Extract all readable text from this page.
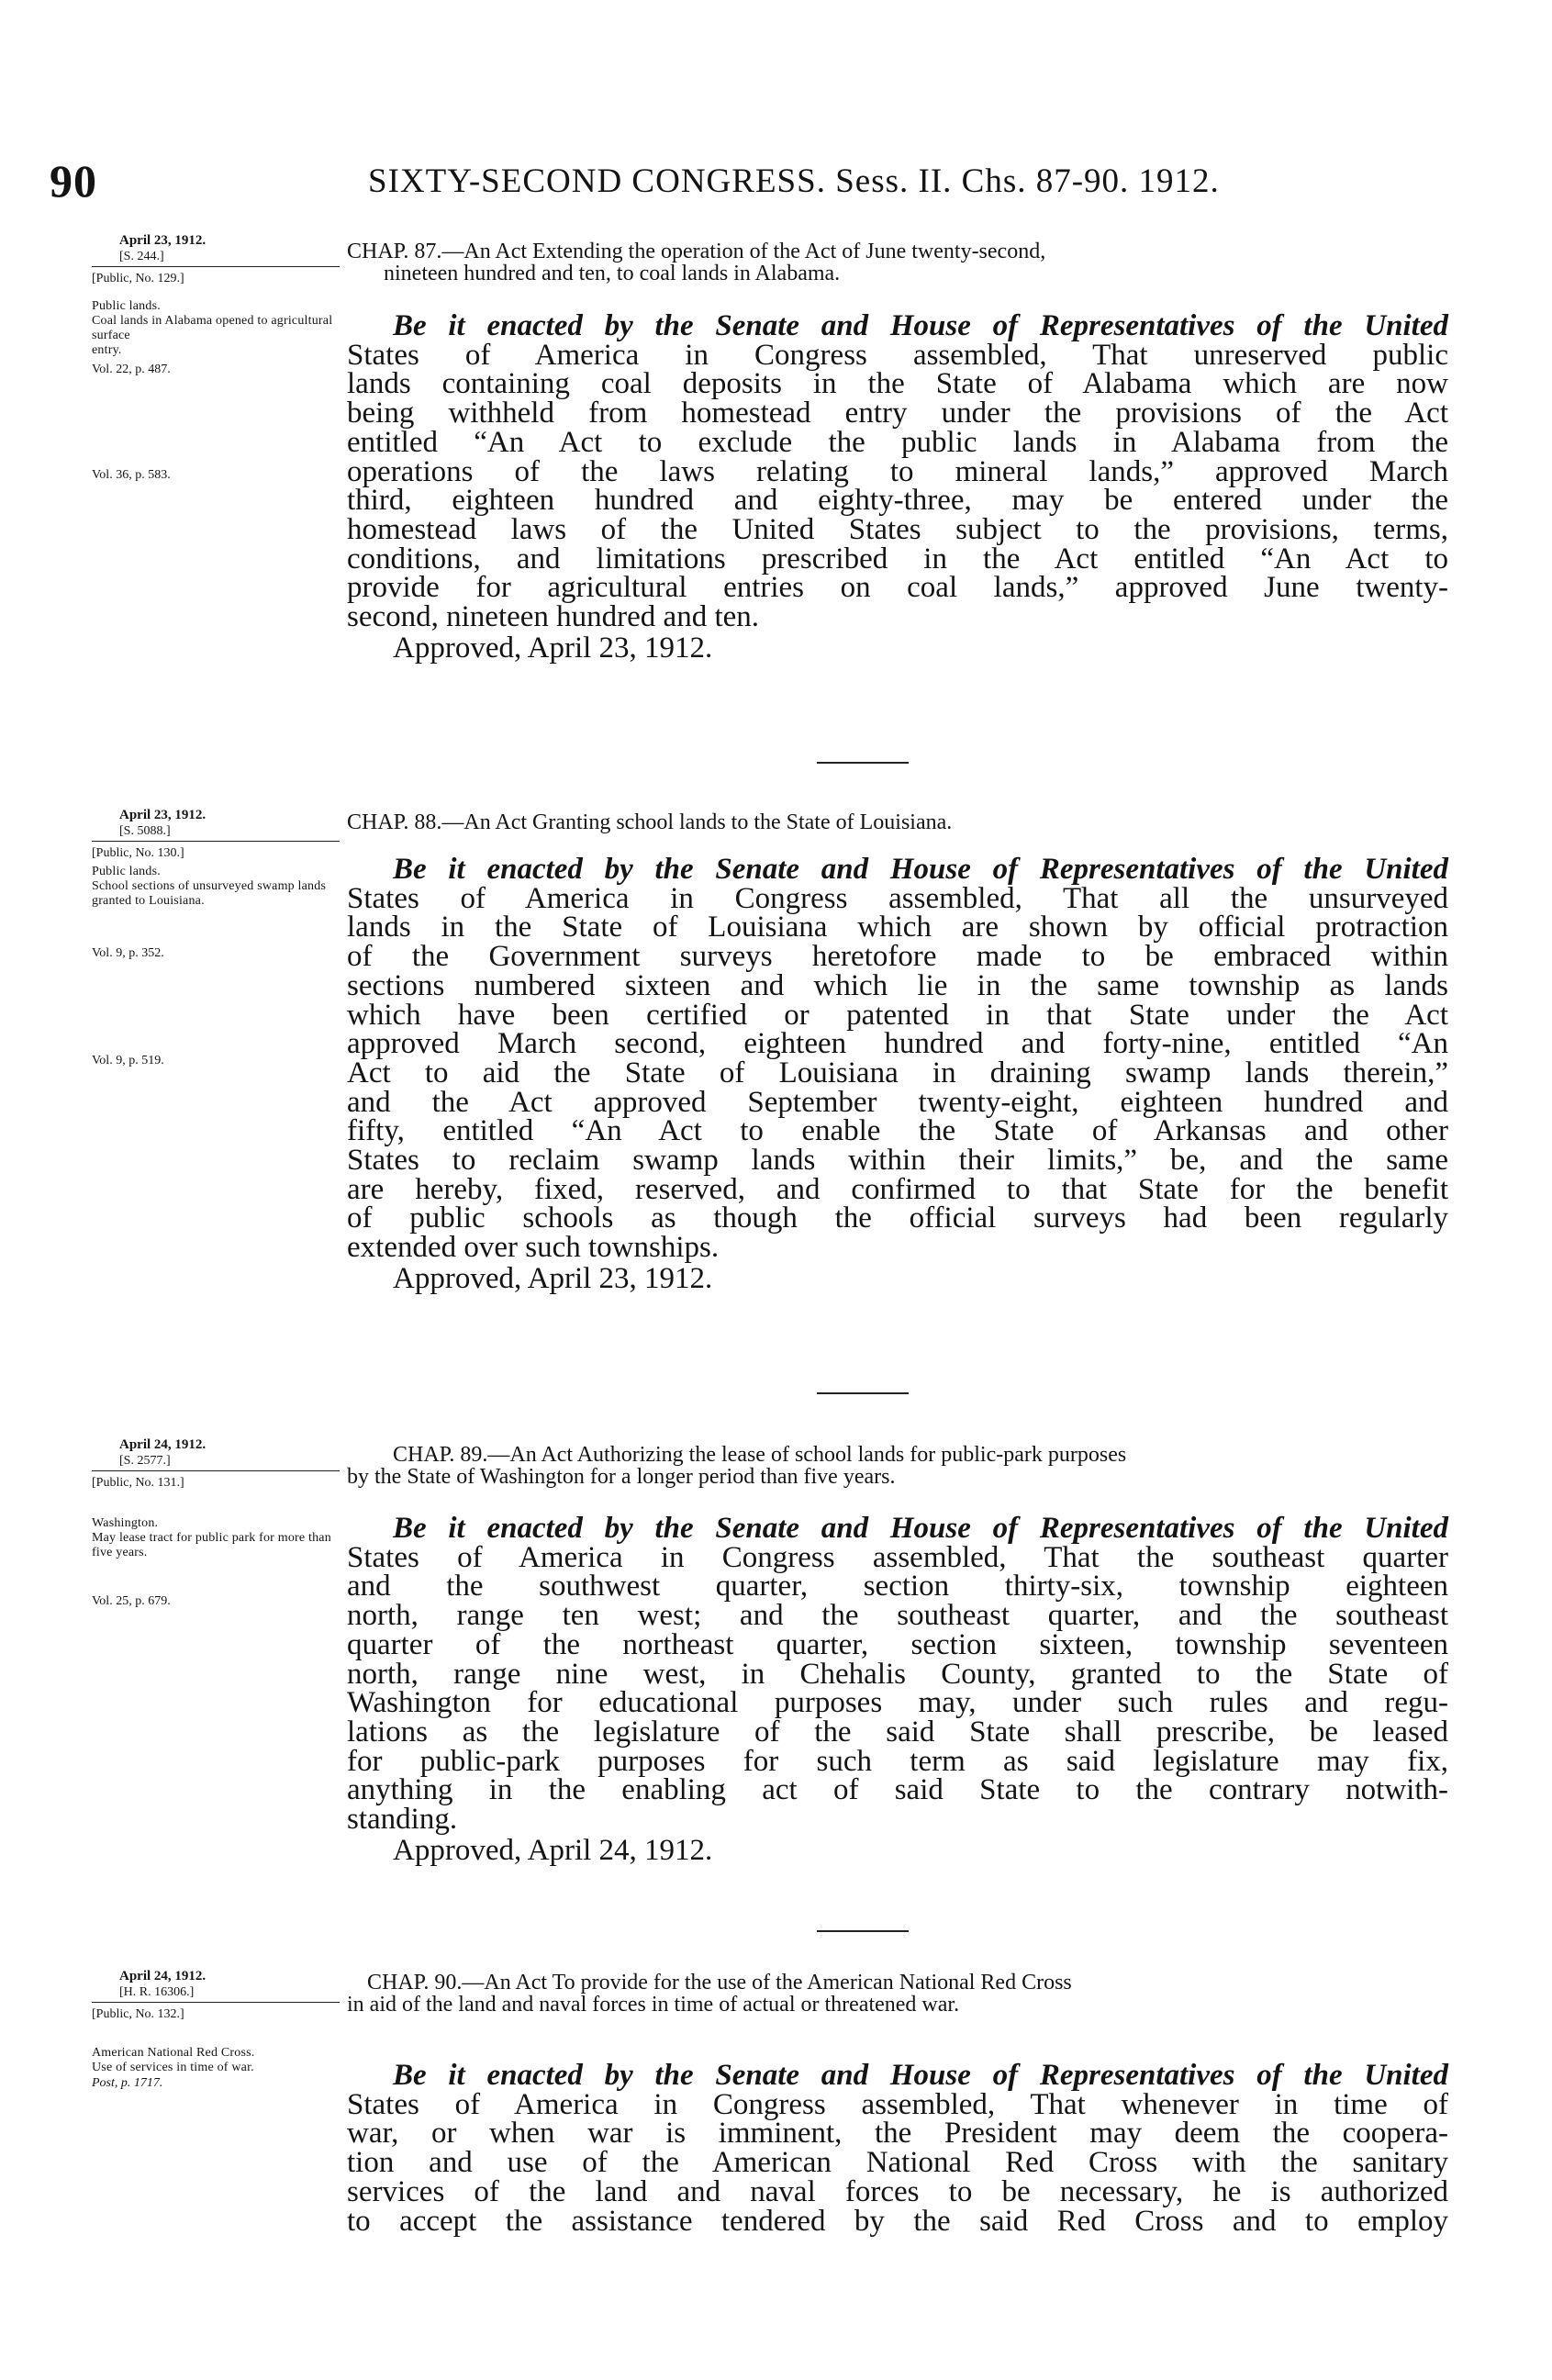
90	SIXTY-SECOND CONGRESS. Sess. II. Chs. 87-90. 1912.
April 23, 1912.
[S. 244.]
[Public, No. 129.]
Public lands.
Coal lands in Alabama opened to agricultural surface
entry.
Vol. 22, p. 487.
Vol. 36, p. 583.
CHAP. 87.—An Act Extending the operation of the Act of June twenty-second,
nineteen hundred and ten, to coal lands in Alabama.
Be it enacted by the Senate and House of Representatives of the United
States of America in Congress assembled, That unreserved public
lands containing coal deposits in the State of Alabama which are now
being withheld from homestead entry under the provisions of the Act
entitled “An Act to exclude the public lands in Alabama from the
operations of the laws relating to mineral lands,” approved March
third, eighteen hundred and eighty-three, may be entered under the
homestead laws of the United States subject to the provisions, terms,
conditions, and limitations prescribed in the Act entitled “An Act to
provide for agricultural entries on coal lands,” approved June twenty-
second, nineteen hundred and ten.
Approved, April 23, 1912.
April 23, 1912.
[S. 5088.]
[Public, No. 130.]
Public lands.
School sections of unsurveyed swamp lands granted to Louisiana.
Vol. 9, p. 352.
Vol. 9, p. 519.
CHAP. 88.—An Act Granting school lands to the State of Louisiana.
Be it enacted by the Senate and House of Representatives of the United
States of America in Congress assembled, That all the unsurveyed
lands in the State of Louisiana which are shown by official protraction
of the Government surveys heretofore made to be embraced within
sections numbered sixteen and which lie in the same township as lands
which have been certified or patented in that State under the Act
approved March second, eighteen hundred and forty-nine, entitled “An
Act to aid the State of Louisiana in draining swamp lands therein,”
and the Act approved September twenty-eight, eighteen hundred and
fifty, entitled “An Act to enable the State of Arkansas and other
States to reclaim swamp lands within their limits,” be, and the same
are hereby, fixed, reserved, and confirmed to that State for the benefit
of public schools as though the official surveys had been regularly
extended over such townships.
Approved, April 23, 1912.
April 24, 1912.
[S. 2577.]
[Public, No. 131.]
Washington.
May lease tract for public park for more than five years.
Vol. 25, p. 679.
CHAP. 89.—An Act Authorizing the lease of school lands for public-park purposes
by the State of Washington for a longer period than five years.
Be it enacted by the Senate and House of Representatives of the United
States of America in Congress assembled, That the southeast quarter
and the southwest quarter, section thirty-six, township eighteen
north, range ten west; and the southeast quarter, and the southeast
quarter of the northeast quarter, section sixteen, township seventeen
north, range nine west, in Chehalis County, granted to the State of
Washington for educational purposes may, under such rules and regu-
lations as the legislature of the said State shall prescribe, be leased
for public-park purposes for such term as said legislature may fix,
anything in the enabling act of said State to the contrary notwith-
standing.
Approved, April 24, 1912.
April 24, 1912.
[H. R. 16306.]
[Public, No. 132.]
American National Red Cross.
Use of services in time of war.
Post, p. 1717.
CHAP. 90.—An Act To provide for the use of the American National Red Cross
in aid of the land and naval forces in time of actual or threatened war.
Be it enacted by the Senate and House of Representatives of the United
States of America in Congress assembled, That whenever in time of
war, or when war is imminent, the President may deem the coopera-
tion and use of the American National Red Cross with the sanitary
services of the land and naval forces to be necessary, he is authorized
to accept the assistance tendered by the said Red Cross and to employ
